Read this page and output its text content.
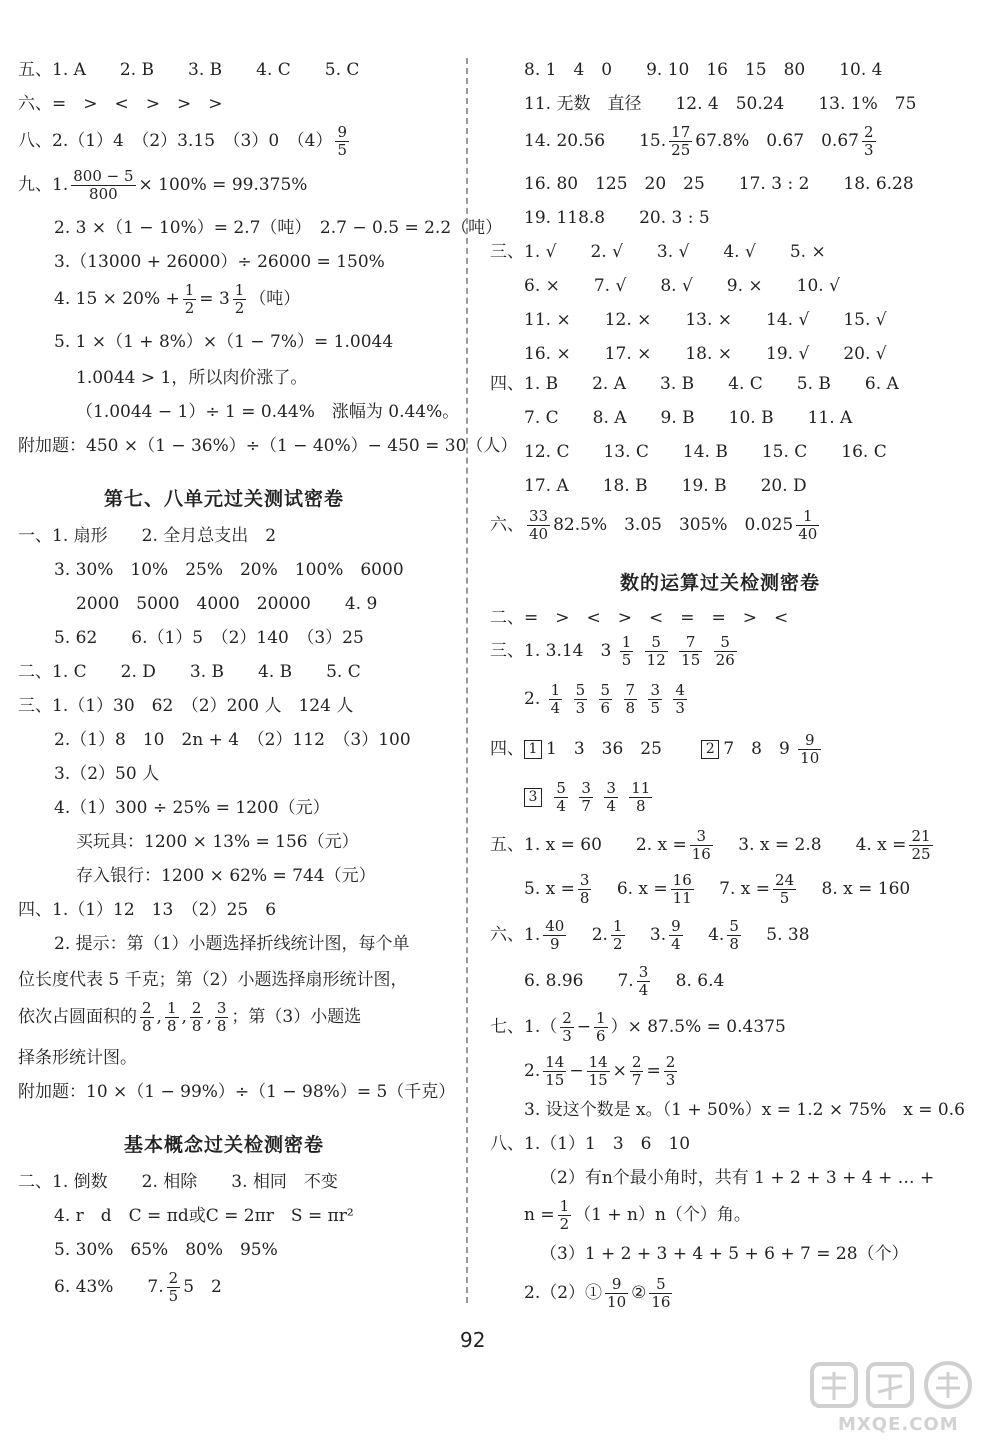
五、1. A　　2. B　　3. B　　4. C　　5. C
六、=　>　<　>　>　>
八、2.（1）4　（2）3.15　（3）0　$(4) \frac{9}{5}$
九、1. $\frac{800 - 5}{800} \times 100\% = 99.375\%$
2. 3 ×（1 − 10%）= 2.7（吨）　2.7 − 0.5 = 2.2（吨）
3.（13000 + 26000）÷ 26000 = 150%
4. $15 \times 20\% + \frac{1}{2} = 3 \frac{1}{2}$ （吨）
5. 1 ×（1 + 8%）×（1 − 7%）= 1.0044
1.0044 > 1，所以肉价涨了。
（1.0044 − 1）÷ 1 = 0.44%　涨幅为 0.44%。
附加题：450 ×（1 − 36%）÷（1 − 40%）− 450 = 30（人）
第七、八单元过关测试密卷
一、1. 扇形　　2. 全月总支出　2
3. 30%　10%　25%　20%　100%　6000
2000　5000　4000　20000　　4. 9
5. 62　　6.（1）5　（2）140　（3）25
二、1. C　　2. D　　3. B　　4. B　　5. C
三、1.（1）30　62　（2）200 人　124 人
2.（1）8　10　2n + 4　（2）112　（3）100
3.（2）50 人
4.（1）300 ÷ 25% = 1200（元）
买玩具：1200 × 13% = 156（元）
存入银行：1200 × 62% = 744（元）
四、1.（1）12　13　（2）25　6
2. 提示：第（1）小题选择折线统计图，每个单
位长度代表 5 千克；第（2）小题选择扇形统计图，
依次占圆面积的 $\frac{2}{8}$ , $\frac{1}{8}$ , $\frac{2}{8}$ , $\frac{3}{8}$ ；第（3）小题选
择条形统计图。
附加题：10 ×（1 − 99%）÷（1 − 98%）= 5（千克）
基本概念过关检测密卷
二、1. 倒数　　2. 相除　　3. 相同　不变
4. r　d　C = πd或C = 2πr　S = πr²
5. 30%　65%　80%　95%
6. 43%　　7. $\frac{2}{5} 5$　2
8. 1　4　0　　9. 10　16　15　80　　10. 4
11. 无数　直径　　12. 4　50.24　　13. 1%　75
14. 20.56　　15. $\frac{17}{25} 67.8\%$　0.6̇7　0.6̇7̇ $\frac{2}{3}$
16. 80　125　20　25　　17. 3 : 2　　18. 6.28
19. 118.8　　20. 3 : 5
三、1. √　　2. √　　3. √　　4. √　　5. ×
6. ×　　7. √　　8. √　　9. ×　　10. √
11. ×　　12. ×　　13. ×　　14. √　　15. √
16. ×　　17. ×　　18. ×　　19. √　　20. √
四、1. B　　2. A　　3. B　　4. C　　5. B　　6. A
7. C　　8. A　　9. B　　10. B　　11. A
12. C　　13. C　　14. B　　15. C　　16. C
17. A　　18. B　　19. B　　20. D
六、 $\frac{33}{40} 82.5\%$　3.05　305%　$0.025 \frac{1}{40}$
数的运算过关检测密卷
二、=　>　<　>　<　=　=　>　<
三、1. 3.14　$3 \frac{1}{5}$
$\frac{5}{12}$
$\frac{7}{15}$
$\frac{5}{26}$
2. $\frac{1}{4}$
$\frac{5}{3}$
$\frac{5}{6}$
$\frac{7}{8}$
$\frac{3}{5}$
$\frac{4}{3}$
四、 1 1　3　36　25 　　	2 7　8　$9 \frac{9}{10}$
$3 \frac{5}{4}$
$\frac{3}{7}$
$\frac{3}{4}$
$\frac{11}{8}$
五、1. x = 60　　2. $x = \frac{3}{16}$
　 3. x = 2.8　　4. $x = \frac{21}{25}$
5. $x = \frac{3}{8}$
　 6. $x = \frac{16}{11}$
　 7. $x = \frac{24}{5}$
　 8. x = 160
六、1. $\frac{40}{9}$
　 2. $\frac{1}{2}$
　 3. $\frac{9}{4}$
　 4. $\frac{5}{8}$
　 5. 38
6. 8.96　　7. $\frac{3}{4}$
　 8. 6.4
七、$1.( \frac{2}{3} - \frac{1}{6}$ ）× 87.5% = 0.4375
2. $\frac{14}{15} - \frac{14}{15} \times \frac{2}{7} = \frac{2}{3}$
3. 设这个数是 x。（1 + 50%）x = 1.2 × 75%　x = 0.6
八、1.（1）1　3　6　10
（2）有n个最小角时，共有 1 + 2 + 3 + 4 + … +
$n = \frac{1}{2} (1 + n)n$（个）角。
（3）1 + 2 + 3 + 4 + 5 + 6 + 7 = 28（个）
2.（2）① $\frac{9}{10}$ ② $\frac{5}{16}$
92
MXQE.COM
